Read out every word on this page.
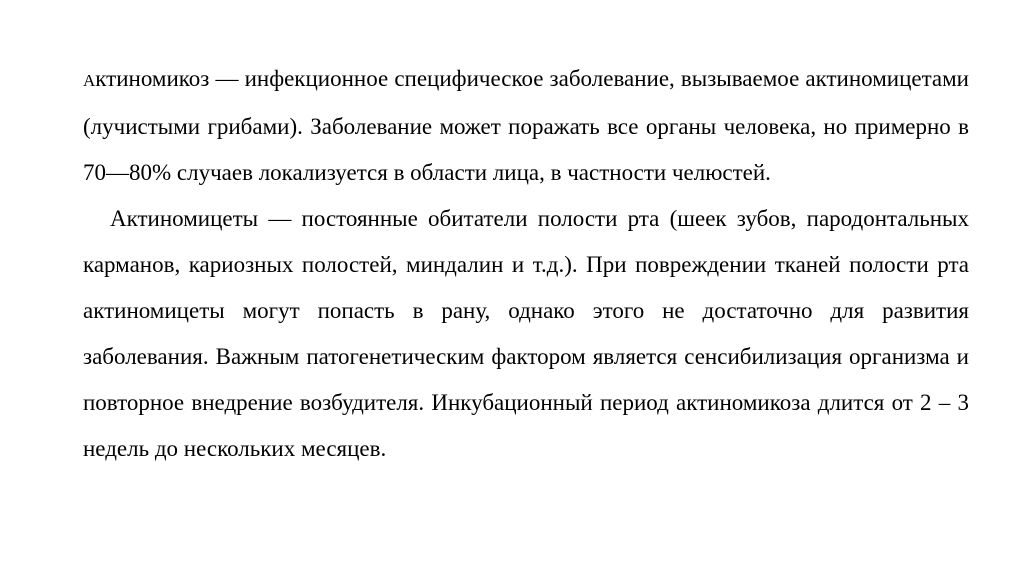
Актиномикоз — инфекционное специфическое заболевание, вызываемое актиномицетами (лучистыми грибами). Заболевание может поражать все органы человека, но примерно в 70—80% случаев локализуется в области лица, в частности челюстей.

Актиномицеты — постоянные обитатели полости рта (шеек зубов, пародонтальных карманов, кариозных полостей, миндалин и т.д.). При повреждении тканей полости рта актиномицеты могут попасть в рану, однако этого не достаточно для развития заболевания. Важным патогенетическим фактором является сенсибилизация организма и повторное внедрение возбудителя. Инкубационный период актиномикоза длится от 2 – 3 недель до нескольких месяцев.
